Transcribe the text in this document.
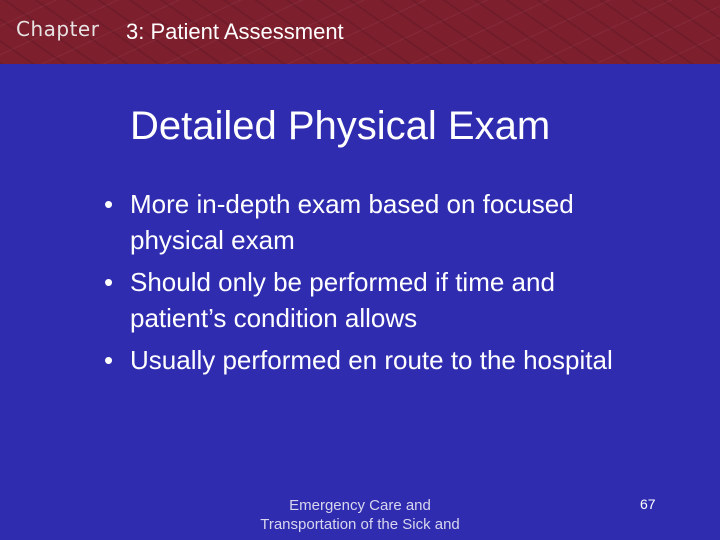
Chapter 3: Patient Assessment
Detailed Physical Exam
• More in-depth exam based on focused physical exam
• Should only be performed if time and patient’s condition allows
• Usually performed en route to the hospital
Emergency Care and
Transportation of the Sick and
67
